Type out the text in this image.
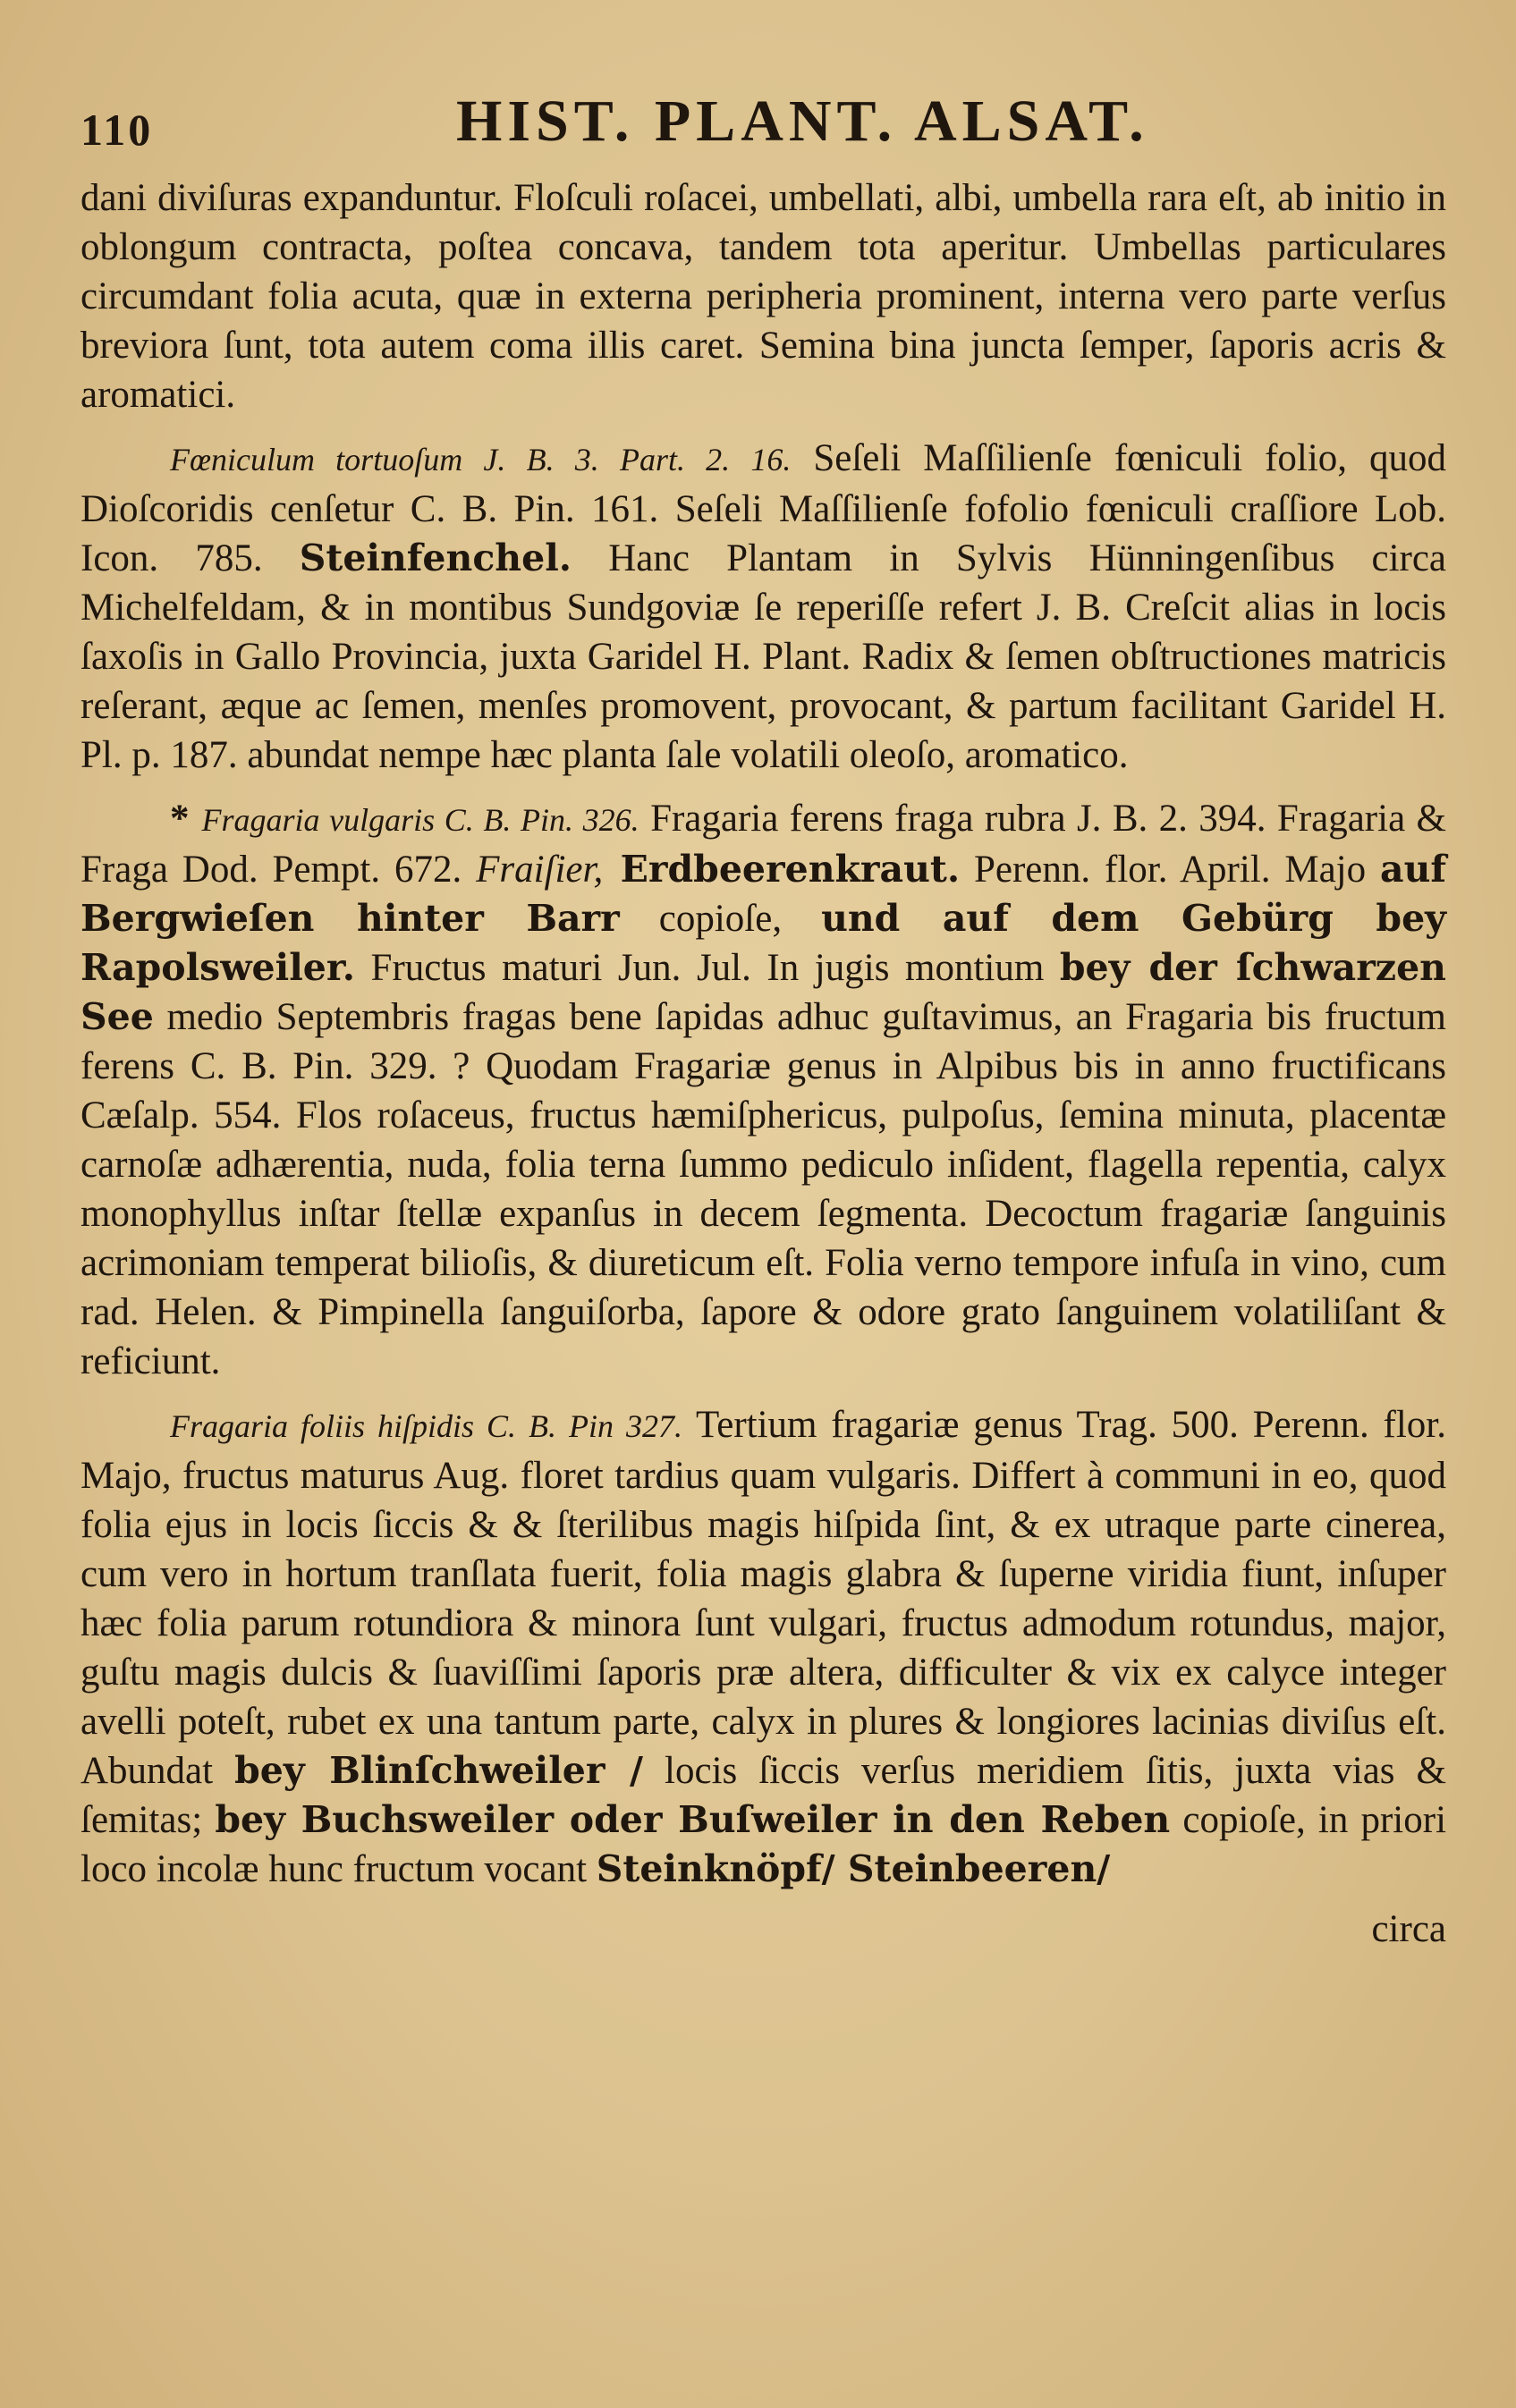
110	HIST. PLANT. ALSAT.

dani diviſuras expanduntur. Floſculi roſacei, umbellati, albi, umbella rara eſt, ab initio in oblongum contracta, poſtea concava, tandem tota aperitur. Umbellas particulares circumdant folia acuta, quæ in externa peripheria prominent, interna vero parte verſus breviora ſunt, tota autem coma illis caret. Semina bina juncta ſemper, ſaporis acris & aromatici.

Fœniculum tortuoſum J. B. 3. Part. 2. 16. Seſeli Maſſilienſe fœniculi folio, quod Dioſcoridis cenſetur C. B. Pin. 161. Seſeli Maſſilienſe fofolio fœniculi craſſiore Lob. Icon. 785. Steinfenchel. Hanc Plantam in Sylvis Hünningenſibus circa Michelfeldam, & in montibus Sundgoviæ ſe reperiſſe refert J. B. Creſcit alias in locis ſaxoſis in Gallo Provincia, juxta Garidel H. Plant. Radix & ſemen obſtructiones matricis reſerant, æque ac ſemen, menſes promovent, provocant, & partum facilitant Garidel H. Pl. p. 187. abundat nempe hæc planta ſale volatili oleoſo, aromatico.

* Fragaria vulgaris C. B. Pin. 326. Fragaria ferens fraga rubra J. B. 2. 394. Fragaria & Fraga Dod. Pempt. 672. Fraiſier, Erdbeerenkraut. Perenn. flor. April. Majo auf Bergwieſen hinter Barr copioſe, und auf dem Gebürg bey Rapolsweiler. Fructus maturi Jun. Jul. In jugis montium bey der ſchwarzen See medio Septembris fragas bene ſapidas adhuc guſtavimus, an Fragaria bis fructum ferens C. B. Pin. 329. ? Quodam Fragariæ genus in Alpibus bis in anno fructificans Cæſalp. 554. Flos roſaceus, fructus hæmiſphericus, pulpoſus, ſemina minuta, placentæ carnoſæ adhærentia, nuda, folia terna ſummo pediculo inſident, flagella repentia, calyx monophyllus inſtar ſtellæ expanſus in decem ſegmenta. Decoctum fragariæ ſanguinis acrimoniam temperat bilioſis, & diureticum eſt. Folia verno tempore infuſa in vino, cum rad. Helen. & Pimpinella ſanguiſorba, ſapore & odore grato ſanguinem volatiliſant & reficiunt.

Fragaria foliis hiſpidis C. B. Pin 327. Tertium fragariæ genus Trag. 500. Perenn. flor. Majo, fructus maturus Aug. floret tardius quam vulgaris. Differt à communi in eo, quod folia ejus in locis ſiccis & & ſterilibus magis hiſpida ſint, & ex utraque parte cinerea, cum vero in hortum tranſlata fuerit, folia magis glabra & ſuperne viridia fiunt, inſuper hæc folia parum rotundiora & minora ſunt vulgari, fructus admodum rotundus, major, guſtu magis dulcis & ſuaviſſimi ſaporis præ altera, difficulter & vix ex calyce integer avelli poteſt, rubet ex una tantum parte, calyx in plures & longiores lacinias diviſus eſt. Abundat bey Blinſchweiler / locis ſiccis verſus meridiem ſitis, juxta vias & ſemitas; bey Buchsweiler oder Buſweiler in den Reben copioſe, in priori loco incolæ hunc fructum vocant Steinknöpf/ Steinbeeren/

circa
